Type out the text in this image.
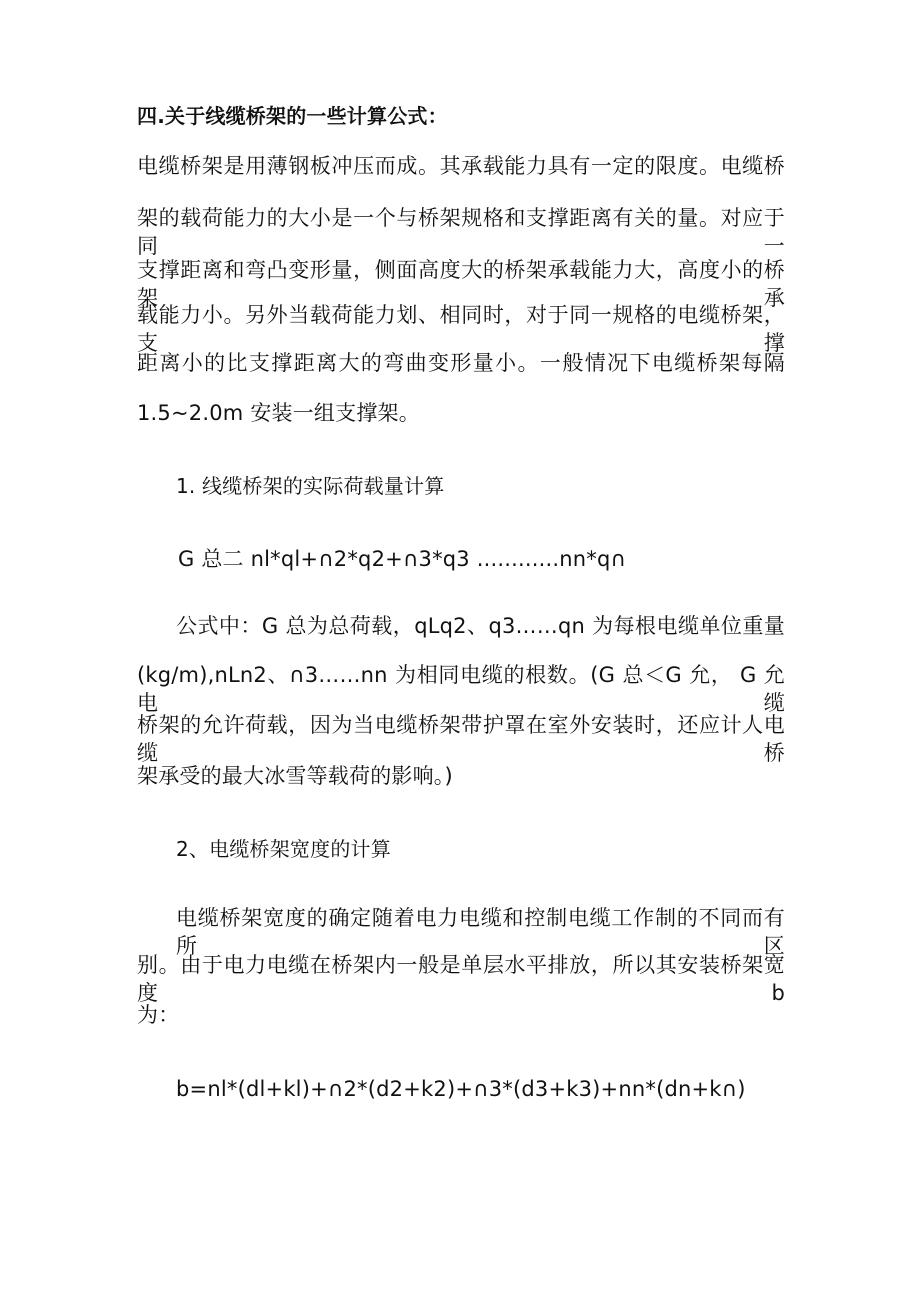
四.关于线缆桥架的一些计算公式：
电缆桥架是用薄钢板冲压而成。其承载能力具有一定的限度。电缆桥
架的载荷能力的大小是一个与桥架规格和支撑距离有关的量。对应于同一
支撑距离和弯凸变形量，侧面高度大的桥架承载能力大，高度小的桥架承
载能力小。另外当载荷能力划、相同时，对于同一规格的电缆桥架，支撑
距离小的比支撑距离大的弯曲变形量小。一般情况下电缆桥架每隔
1.5~2.0m 安装一组支撑架。
1. 线缆桥架的实际荷载量计算
G 总二 nl*ql+∩2*q2+∩3*q3 ............nn*q∩
公式中：G 总为总荷载，qLq2、q3……qn 为每根电缆单位重量
(kg/m),nLn2、∩3……nn 为相同电缆的根数。(G 总＜G 允， G 允电缆
桥架的允许荷载，因为当电缆桥架带护罩在室外安装时，还应计人电缆桥
架承受的最大冰雪等载荷的影响。)
2、电缆桥架宽度的计算
电缆桥架宽度的确定随着电力电缆和控制电缆工作制的不同而有所区
别。由于电力电缆在桥架内一般是单层水平排放，所以其安装桥架宽度 b
为：
b=nl*(dl+kl)+∩2*(d2+k2)+∩3*(d3+k3)+nn*(dn+k∩)
